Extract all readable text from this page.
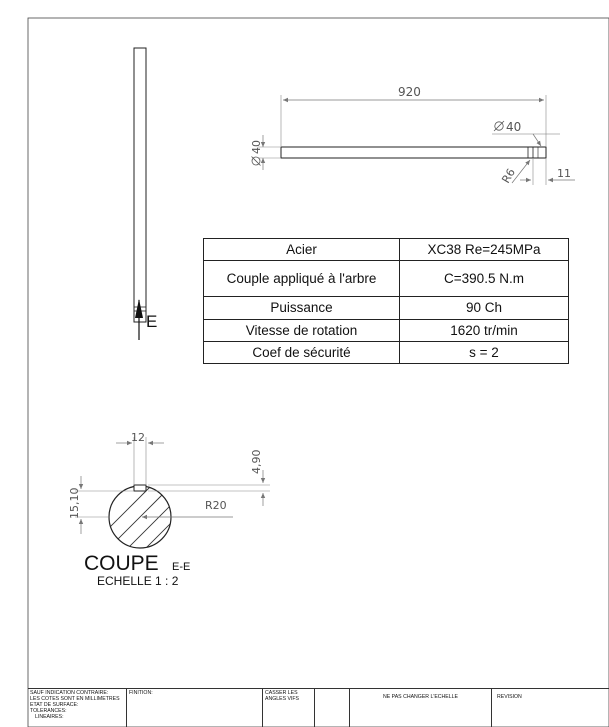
E
920
40
40
R6	11
12
4,90
15,10	R20
COUPE E-E
ECHELLE 1 : 2
Acier	XC38 Re=245MPa
Couple appliqué à l'arbre	C=390.5 N.m
Puissance	90 Ch
Vitesse de rotation	1620 tr/min
Coef de sécurité	s = 2
SAUF INDICATION CONTRAIRE:
LES COTES SONT EN MILLIMETRES
ETAT DE SURFACE:
TOLERANCES:
LINEAIRES:
FINITION:	CASSER LES
ANGLES VIFS	NE PAS CHANGER L'ECHELLE	REVISION
